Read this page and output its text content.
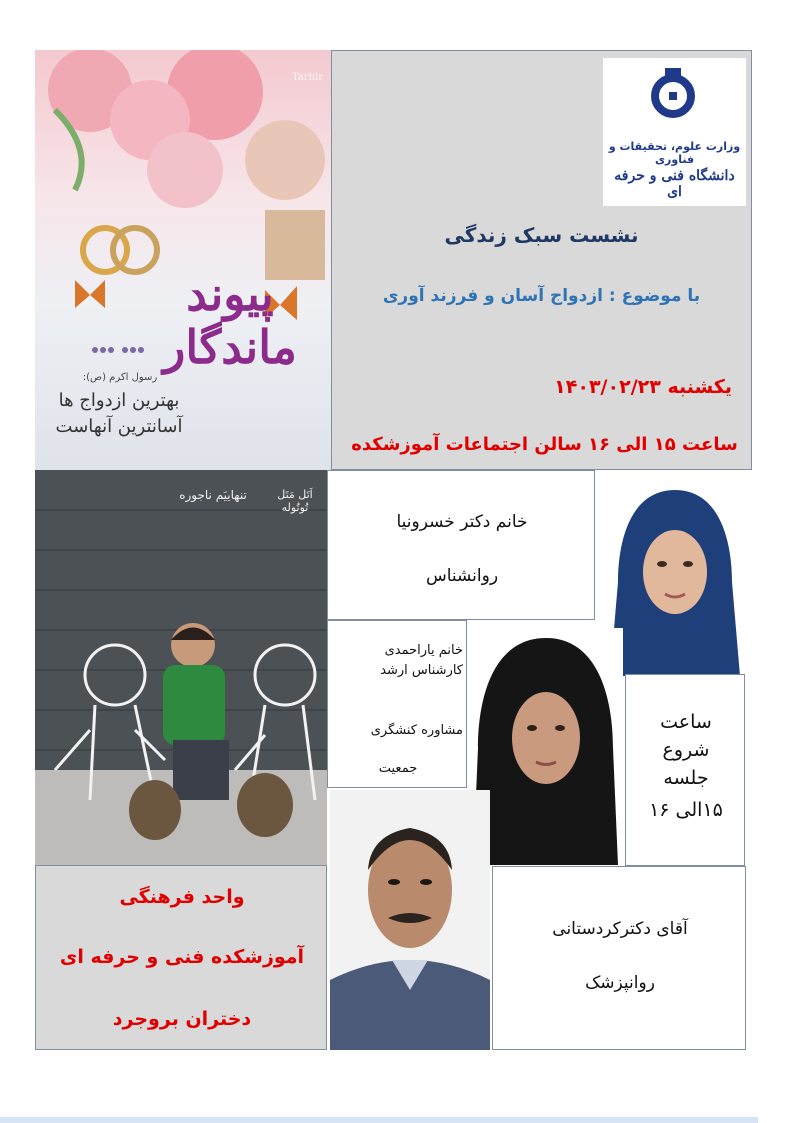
Tarhir
پیوند ماندگار
رسول اکرم (ص):
بهترین ازدواج ها
آسانترین آنهاست
وزارت علوم، تحقیقات و فناوری
دانشگاه فنی و حرفه ای
نشست سبک زندگی
با موضوع : ازدواج آسان و فرزند آوری
یکشنبه ۱۴۰۳/۰۲/۲۳
ساعت ۱۵ الی ۱۶ سالن اجتماعات آموزشکده
تنهاییَم ناجوره	اَتَل مَتَل تُوتُوله
خانم دکتر خسرونیا
روانشناس
خانم یاراحمدی
کارشناس ارشد
مشاوره کنشگری
جمعیت
ساعت
شروع
جلسه
۱۵الی ۱۶
آقای دکترکردستانی
روانپزشک
واحد فرهنگی
آموزشکده فنی و حرفه ای
دختران بروجرد
